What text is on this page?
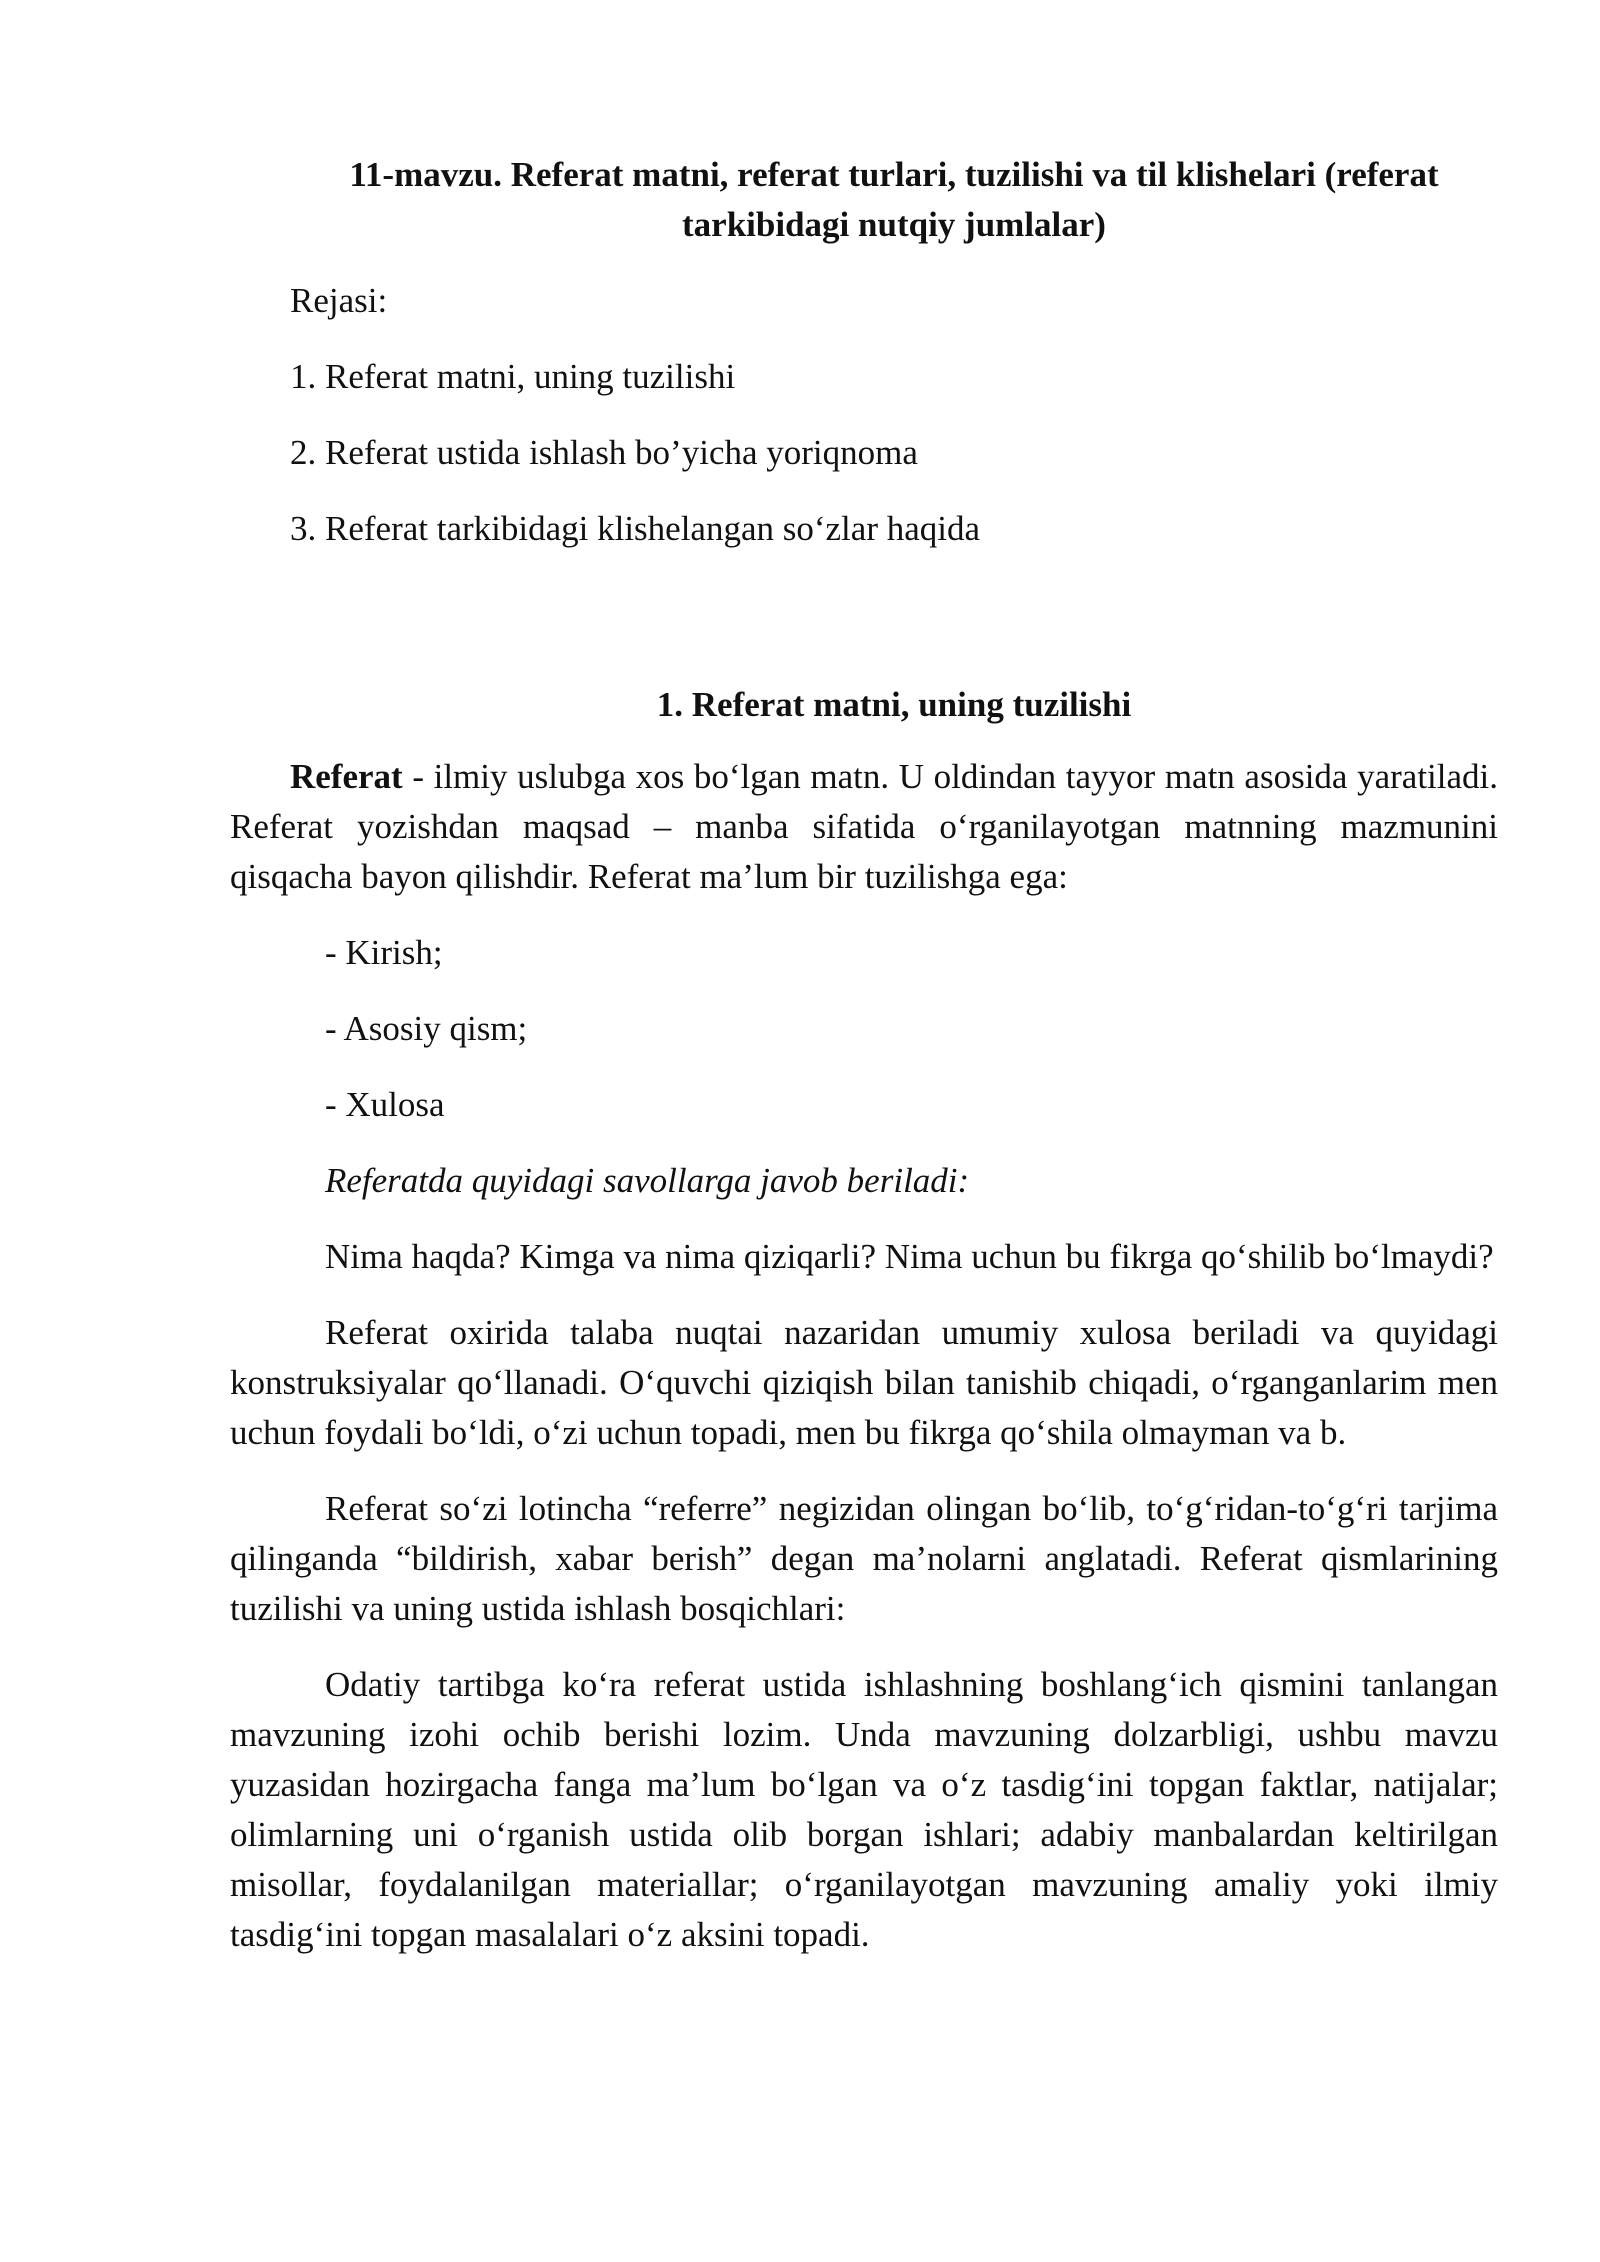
11-mavzu. Referat matni, referat turlari, tuzilishi va til klishelari (referat tarkibidagi nutqiy jumlalar)

Rejasi:

1. Referat matni, uning tuzilishi

2. Referat ustida ishlash bo’yicha yoriqnoma

3. Referat tarkibidagi klishelangan so‘zlar haqida

1. Referat matni, uning tuzilishi

Referat - ilmiy uslubga xos bo‘lgan matn. U oldindan tayyor matn asosida yaratiladi. Referat yozishdan maqsad – manba sifatida o‘rganilayotgan matnning mazmunini qisqacha bayon qilishdir. Referat ma’lum bir tuzilishga ega:

- Kirish;

- Asosiy qism;

- Xulosa

Referatda quyidagi savollarga javob beriladi:

Nima haqda? Kimga va nima qiziqarli? Nima uchun bu fikrga qo‘shilib bo‘lmaydi?

Referat oxirida talaba nuqtai nazaridan umumiy xulosa beriladi va quyidagi konstruksiyalar qo‘llanadi. O‘quvchi qiziqish bilan tanishib chiqadi, o‘rganganlarim men uchun foydali bo‘ldi, o‘zi uchun topadi, men bu fikrga qo‘shila olmayman va b.

Referat so‘zi lotincha “referre” negizidan olingan bo‘lib, to‘g‘ridan-to‘g‘ri tarjima qilinganda “bildirish, xabar berish” degan ma’nolarni anglatadi. Referat qismlarining tuzilishi va uning ustida ishlash bosqichlari:

Odatiy tartibga ko‘ra referat ustida ishlashning boshlang‘ich qismini tanlangan mavzuning izohi ochib berishi lozim. Unda mavzuning dolzarbligi, ushbu mavzu yuzasidan hozirgacha fanga ma’lum bo‘lgan va o‘z tasdig‘ini topgan faktlar, natijalar; olimlarning uni o‘rganish ustida olib borgan ishlari; adabiy manbalardan keltirilgan misollar, foydalanilgan materiallar; o‘rganilayotgan mavzuning amaliy yoki ilmiy tasdig‘ini topgan masalalari o‘z aksini topadi.
